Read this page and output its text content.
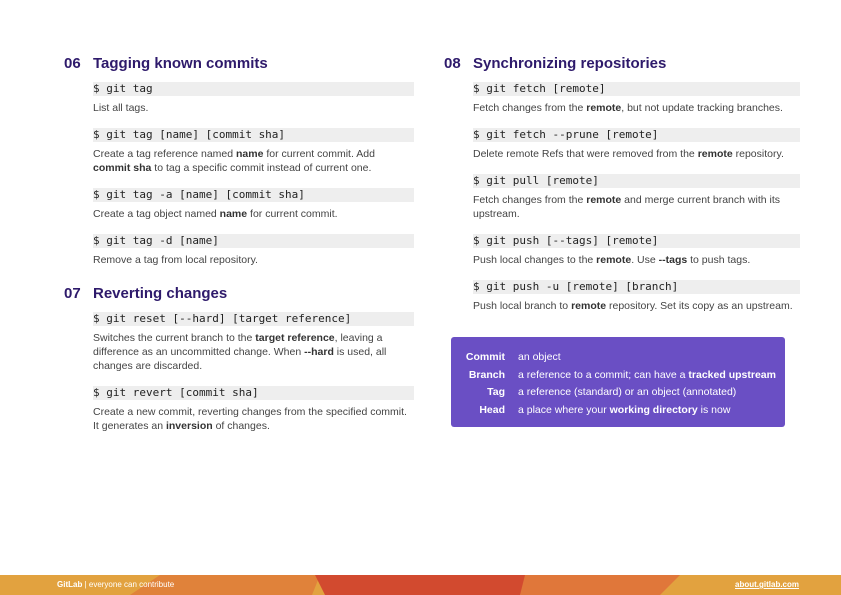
06 Tagging known commits
$ git tag
List all tags.
$ git tag [name] [commit sha]
Create a tag reference named name for current commit. Add commit sha to tag a specific commit instead of current one.
$ git tag -a [name] [commit sha]
Create a tag object named name for current commit.
$ git tag -d [name]
Remove a tag from local repository.
07 Reverting changes
$ git reset [--hard] [target reference]
Switches the current branch to the target reference, leaving a difference as an uncommitted change. When --hard is used, all changes are discarded.
$ git revert [commit sha]
Create a new commit, reverting changes from the specified commit. It generates an inversion of changes.
08 Synchronizing repositories
$ git fetch [remote]
Fetch changes from the remote, but not update tracking branches.
$ git fetch --prune [remote]
Delete remote Refs that were removed from the remote repository.
$ git pull [remote]
Fetch changes from the remote and merge current branch with its upstream.
$ git push [--tags] [remote]
Push local changes to the remote. Use --tags to push tags.
$ git push -u [remote] [branch]
Push local branch to remote repository. Set its copy as an upstream.
Commit	an object
Branch	a reference to a commit; can have a tracked upstream
Tag	a reference (standard) or an object (annotated)
Head	a place where your working directory is now
GitLab | everyone can contribute	about.gitlab.com
